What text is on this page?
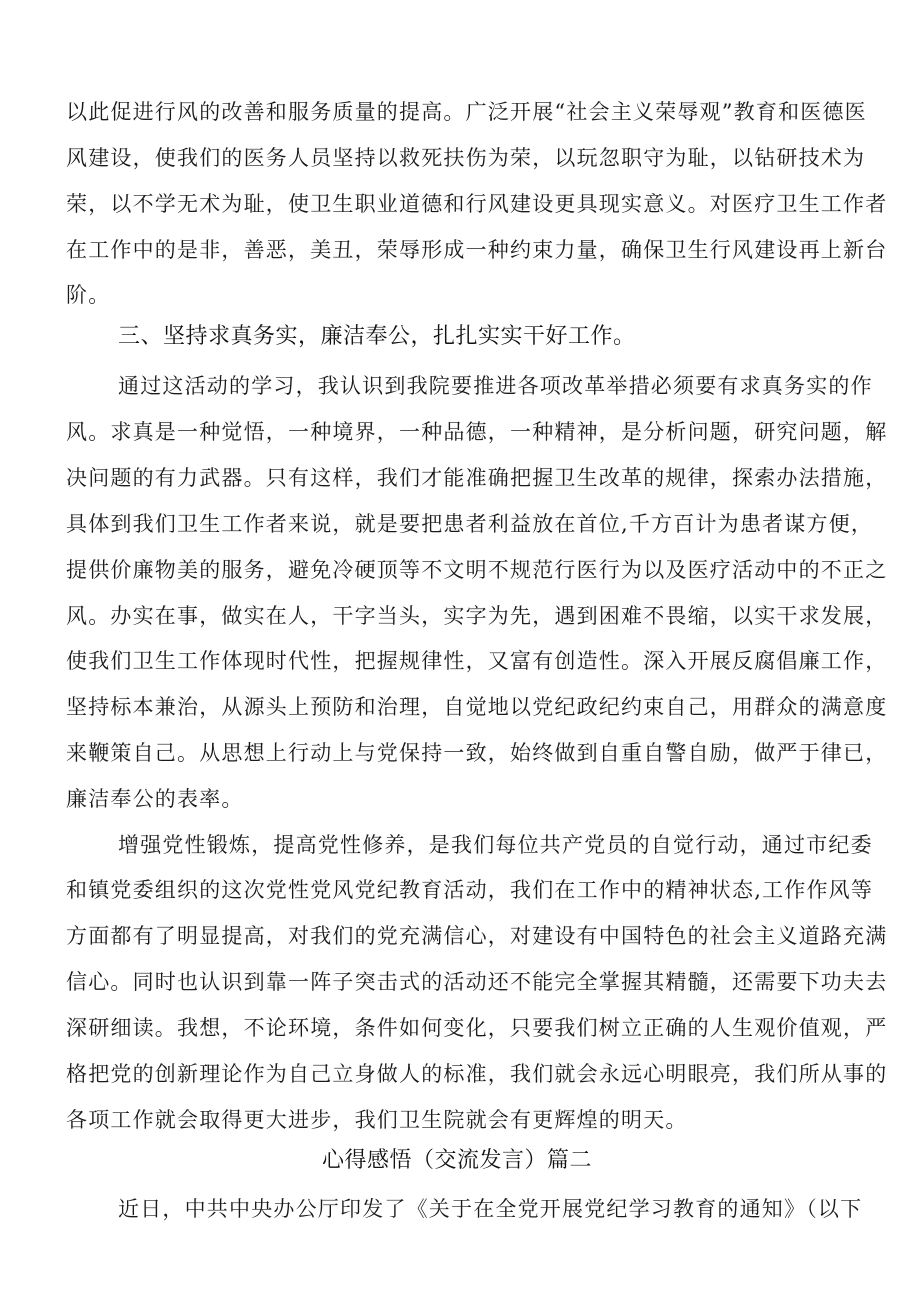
以此促进行风的改善和服务质量的提高。广泛开展“社会主义荣辱观”教育和医德医
风建设，使我们的医务人员坚持以救死扶伤为荣，以玩忽职守为耻，以钻研技术为
荣，以不学无术为耻，使卫生职业道德和行风建设更具现实意义。对医疗卫生工作者
在工作中的是非，善恶，美丑，荣辱形成一种约束力量，确保卫生行风建设再上新台
阶。
三、坚持求真务实，廉洁奉公，扎扎实实干好工作。
通过这活动的学习，我认识到我院要推进各项改革举措必须要有求真务实的作
风。求真是一种觉悟，一种境界，一种品德，一种精神，是分析问题，研究问题，解
决问题的有力武器。只有这样，我们才能准确把握卫生改革的规律，探索办法措施，
具体到我们卫生工作者来说，就是要把患者利益放在首位,千方百计为患者谋方便，
提供价廉物美的服务，避免冷硬顶等不文明不规范行医行为以及医疗活动中的不正之
风。办实在事，做实在人，干字当头，实字为先，遇到困难不畏缩，以实干求发展，
使我们卫生工作体现时代性，把握规律性，又富有创造性。深入开展反腐倡廉工作，
坚持标本兼治，从源头上预防和治理，自觉地以党纪政纪约束自己，用群众的满意度
来鞭策自己。从思想上行动上与党保持一致，始终做到自重自警自励，做严于律已，
廉洁奉公的表率。
增强党性锻炼，提高党性修养，是我们每位共产党员的自觉行动，通过市纪委
和镇党委组织的这次党性党风党纪教育活动，我们在工作中的精神状态,工作作风等
方面都有了明显提高，对我们的党充满信心，对建设有中国特色的社会主义道路充满
信心。同时也认识到靠一阵子突击式的活动还不能完全掌握其精髓，还需要下功夫去
深研细读。我想，不论环境，条件如何变化，只要我们树立正确的人生观价值观，严
格把党的创新理论作为自己立身做人的标准，我们就会永远心明眼亮，我们所从事的
各项工作就会取得更大进步，我们卫生院就会有更辉煌的明天。
心得感悟（交流发言）篇二
近日，中共中央办公厅印发了《关于在全党开展党纪学习教育的通知》（以下
